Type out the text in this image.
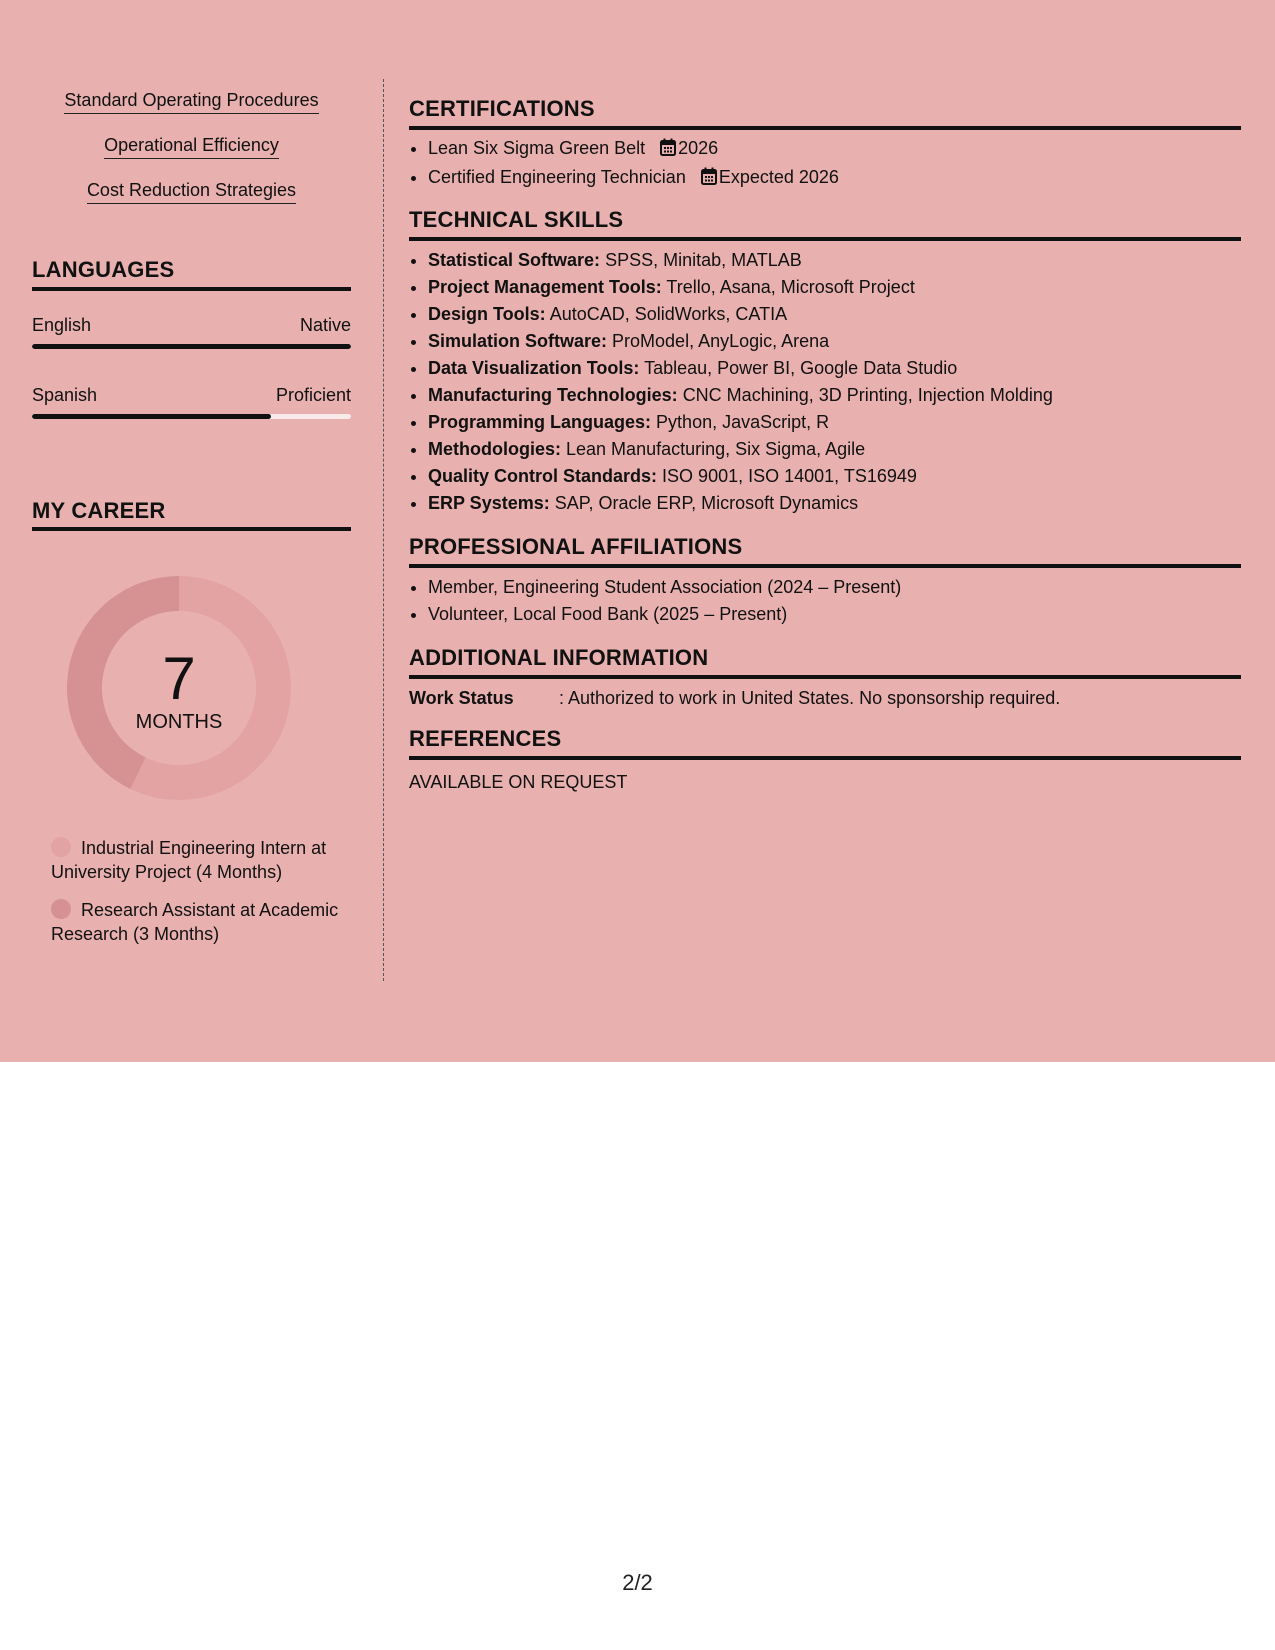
Standard Operating Procedures
Operational Efficiency
Cost Reduction Strategies
LANGUAGES
English	Native
Spanish	Proficient
MY CAREER
7
MONTHS
Industrial Engineering Intern at University Project (4 Months)
Research Assistant at Academic Research (3 Months)
CERTIFICATIONS
• Lean Six Sigma Green Belt 2026
• Certified Engineering Technician Expected 2026
TECHNICAL SKILLS
• Statistical Software: SPSS, Minitab, MATLAB
• Project Management Tools: Trello, Asana, Microsoft Project
• Design Tools: AutoCAD, SolidWorks, CATIA
• Simulation Software: ProModel, AnyLogic, Arena
• Data Visualization Tools: Tableau, Power BI, Google Data Studio
• Manufacturing Technologies: CNC Machining, 3D Printing, Injection Molding
• Programming Languages: Python, JavaScript, R
• Methodologies: Lean Manufacturing, Six Sigma, Agile
• Quality Control Standards: ISO 9001, ISO 14001, TS16949
• ERP Systems: SAP, Oracle ERP, Microsoft Dynamics
PROFESSIONAL AFFILIATIONS
• Member, Engineering Student Association (2024 – Present)
• Volunteer, Local Food Bank (2025 – Present)
ADDITIONAL INFORMATION
Work Status	: Authorized to work in United States. No sponsorship required.
REFERENCES
AVAILABLE ON REQUEST
2/2
